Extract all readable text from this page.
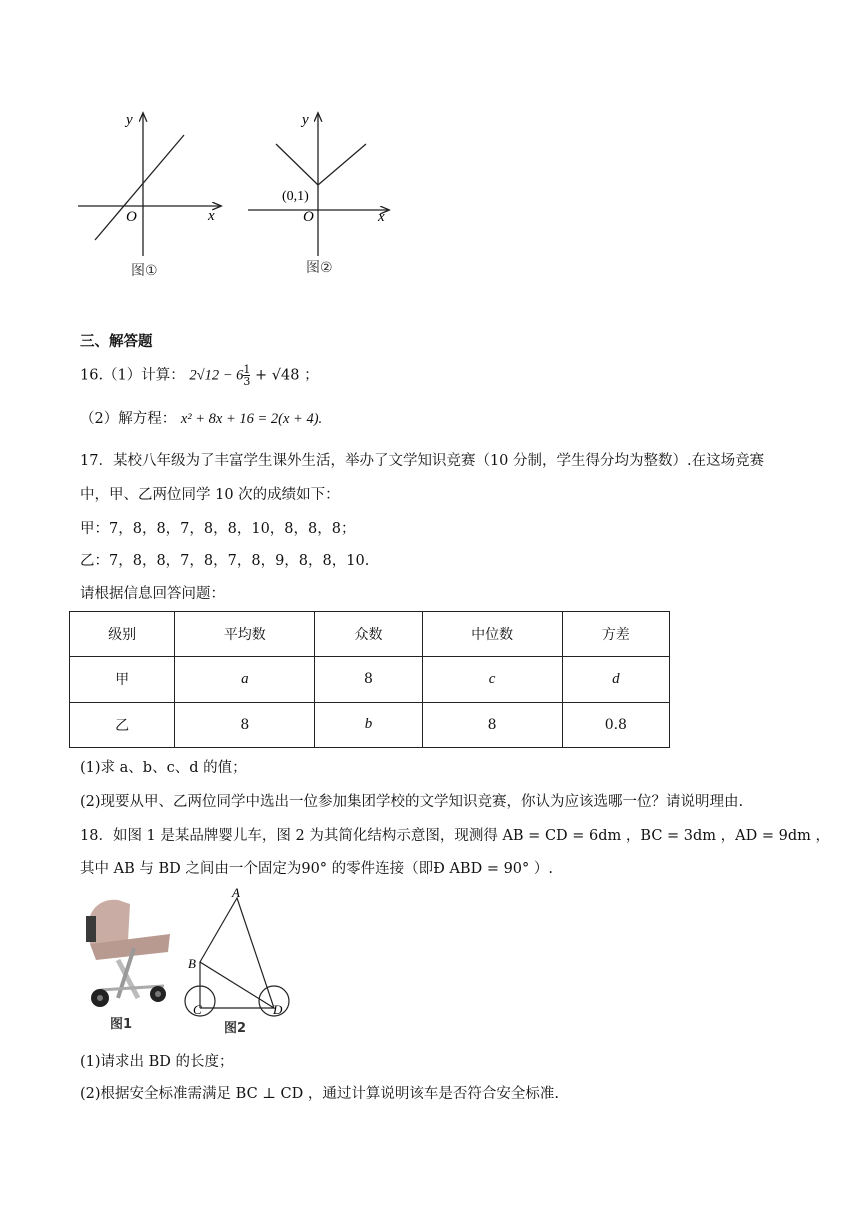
y
x
O
图①
y
x
O
(0,1)
图②
三、解答题
16.（1）计算： $2√12 - 6 \frac{1}{3} + √48$ ；
（2）解方程： x² + 8x + 16 = 2(x + 4).
17．某校八年级为了丰富学生课外生活，举办了文学知识竞赛（10 分制，学生得分均为整数）.在这场竞赛
中，甲、乙两位同学 10 次的成绩如下：
甲：7，8，8，7，8，8，10，8，8，8；
乙：7，8，8，7，8，7，8，9，8，8，10.
请根据信息回答问题：
级别	平均数	众数	中位数	方差
甲	a	8	c	d
乙	8	b	8	0.8
(1)求 a、b、c、d 的值；
(2)现要从甲、乙两位同学中选出一位参加集团学校的文学知识竞赛，你认为应该选哪一位？请说明理由.
18．如图 1 是某品牌婴儿车，图 2 为其简化结构示意图，现测得 AB = CD = 6dm ，BC = 3dm ，AD = 9dm ，
其中 AB 与 BD 之间由一个固定为90° 的零件连接（即Ð ABD = 90° ）.
图1
A
B
C	D
图2
(1)请求出 BD 的长度；
(2)根据安全标准需满足 BC ⊥ CD ，通过计算说明该车是否符合安全标准.
